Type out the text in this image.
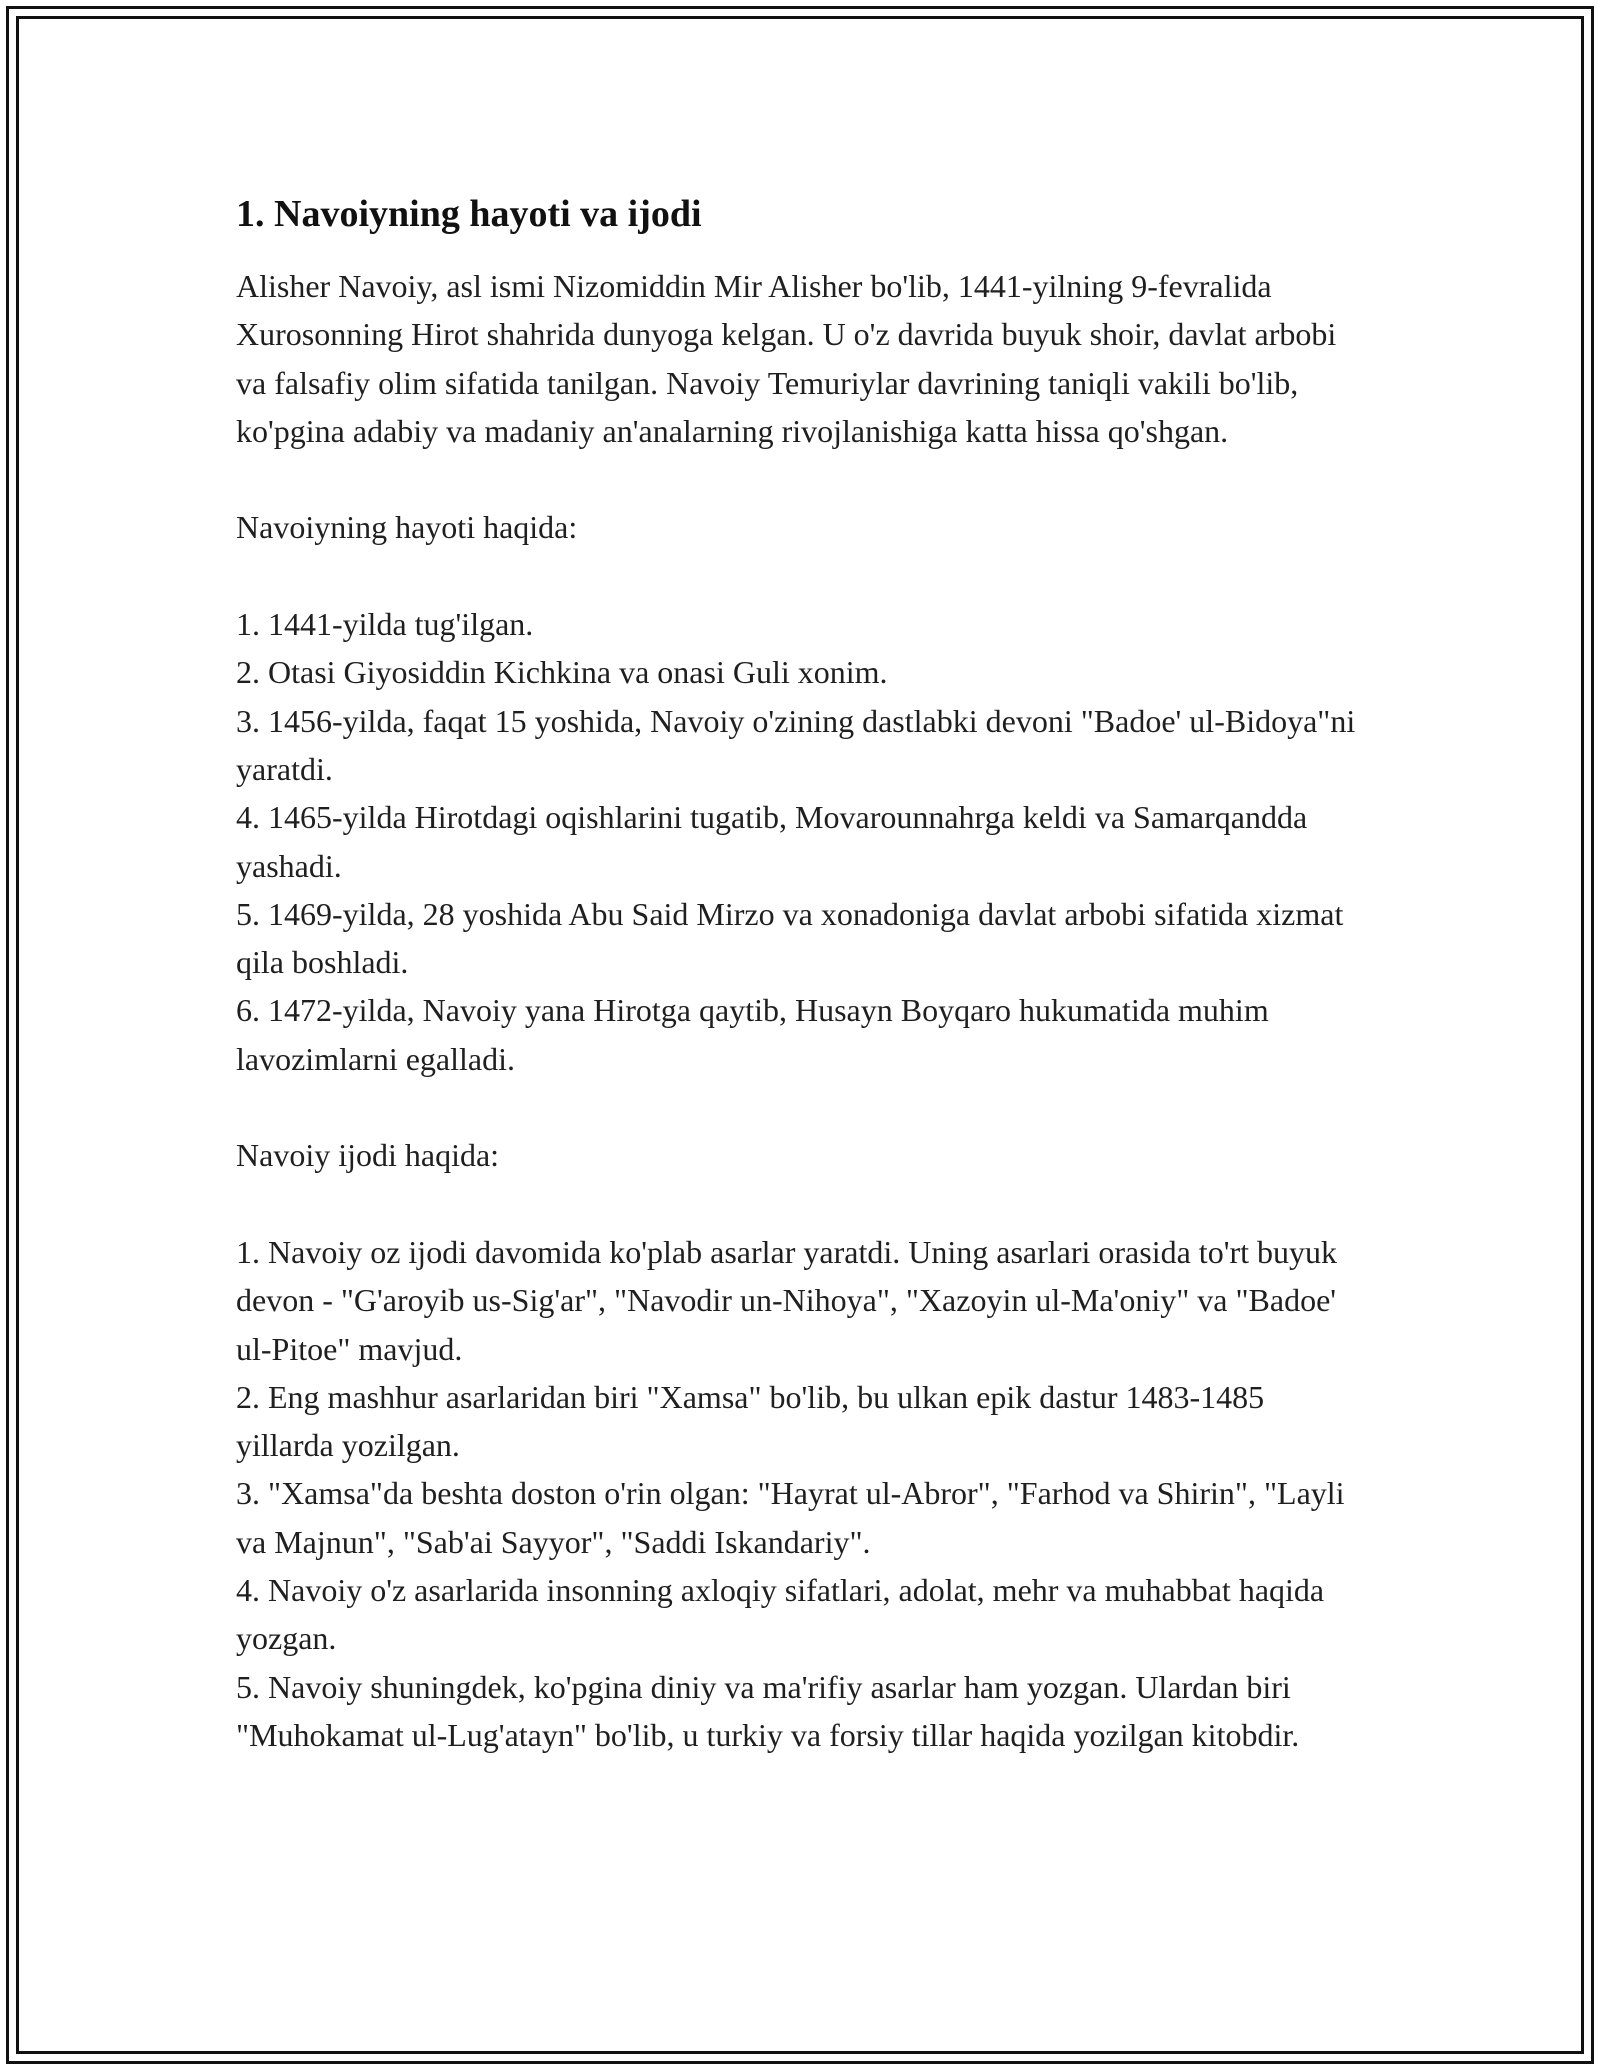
1. Navoiyning hayoti va ijodi

Alisher Navoiy, asl ismi Nizomiddin Mir Alisher bo'lib, 1441-yilning 9-fevralida Xurosonning Hirot shahrida dunyoga kelgan. U o'z davrida buyuk shoir, davlat arbobi va falsafiy olim sifatida tanilgan. Navoiy Temuriylar davrining taniqli vakili bo'lib, ko'pgina adabiy va madaniy an'analarning rivojlanishiga katta hissa qo'shgan.

Navoiyning hayoti haqida:

1. 1441-yilda tug'ilgan.
2. Otasi Giyosiddin Kichkina va onasi Guli xonim.
3. 1456-yilda, faqat 15 yoshida, Navoiy o'zining dastlabki devoni "Badoe' ul-Bidoya"ni yaratdi.
4. 1465-yilda Hirotdagi oqishlarini tugatib, Movarounnahrga keldi va Samarqandda yashadi.
5. 1469-yilda, 28 yoshida Abu Said Mirzo va xonadoniga davlat arbobi sifatida xizmat qila boshladi.
6. 1472-yilda, Navoiy yana Hirotga qaytib, Husayn Boyqaro hukumatida muhim lavozimlarni egalladi.

Navoiy ijodi haqida:

1. Navoiy oz ijodi davomida ko'plab asarlar yaratdi. Uning asarlari orasida to'rt buyuk devon - "G'aroyib us-Sig'ar", "Navodir un-Nihoya", "Xazoyin ul-Ma'oniy" va "Badoe' ul-Pitoe" mavjud.
2. Eng mashhur asarlaridan biri "Xamsa" bo'lib, bu ulkan epik dastur 1483-1485 yillarda yozilgan.
3. "Xamsa"da beshta doston o'rin olgan: "Hayrat ul-Abror", "Farhod va Shirin", "Layli va Majnun", "Sab'ai Sayyor", "Saddi Iskandariy".
4. Navoiy o'z asarlarida insonning axloqiy sifatlari, adolat, mehr va muhabbat haqida yozgan.
5. Navoiy shuningdek, ko'pgina diniy va ma'rifiy asarlar ham yozgan. Ulardan biri "Muhokamat ul-Lug'atayn" bo'lib, u turkiy va forsiy tillar haqida yozilgan kitobdir.
